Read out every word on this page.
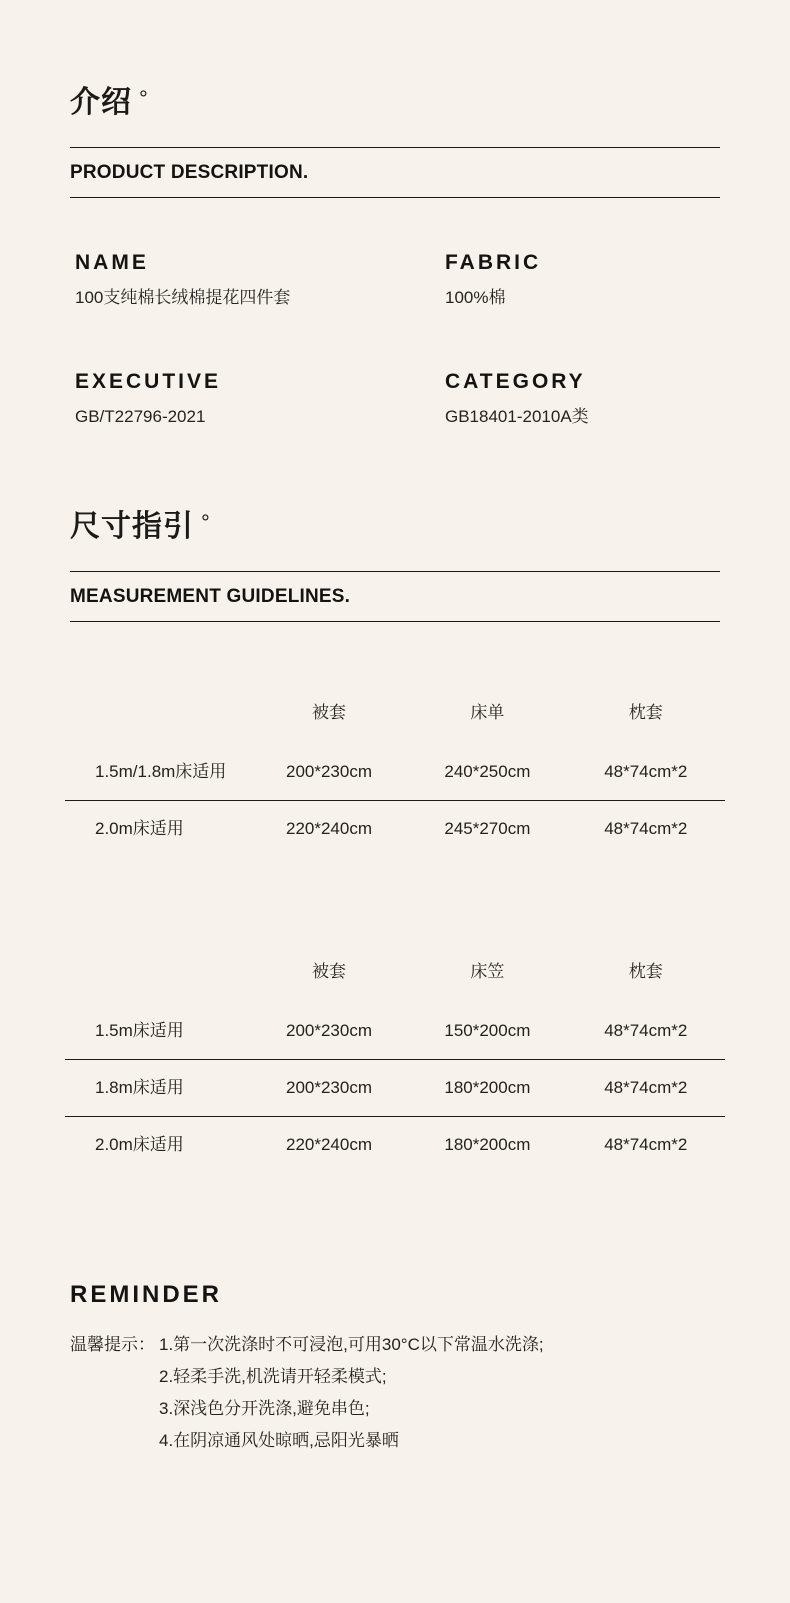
介绍 °
PRODUCT DESCRIPTION.
NAME
100支纯棉长绒棉提花四件套
FABRIC
100%棉
EXECUTIVE
GB/T22796-2021
CATEGORY
GB18401-2010A类
尺寸指引 °
MEASUREMENT GUIDELINES.
	被套	床单	枕套
1.5m/1.8m床适用	200*230cm	240*250cm	48*74cm*2
2.0m床适用	220*240cm	245*270cm	48*74cm*2
	被套	床笠	枕套
1.5m床适用	200*230cm	150*200cm	48*74cm*2
1.8m床适用	200*230cm	180*200cm	48*74cm*2
2.0m床适用	220*240cm	180*200cm	48*74cm*2
REMINDER
温馨提示： 1.第一次洗涤时不可浸泡,可用30°C以下常温水洗涤;
2.轻柔手洗,机洗请开轻柔模式;
3.深浅色分开洗涤,避免串色;
4.在阴凉通风处晾晒,忌阳光暴晒
